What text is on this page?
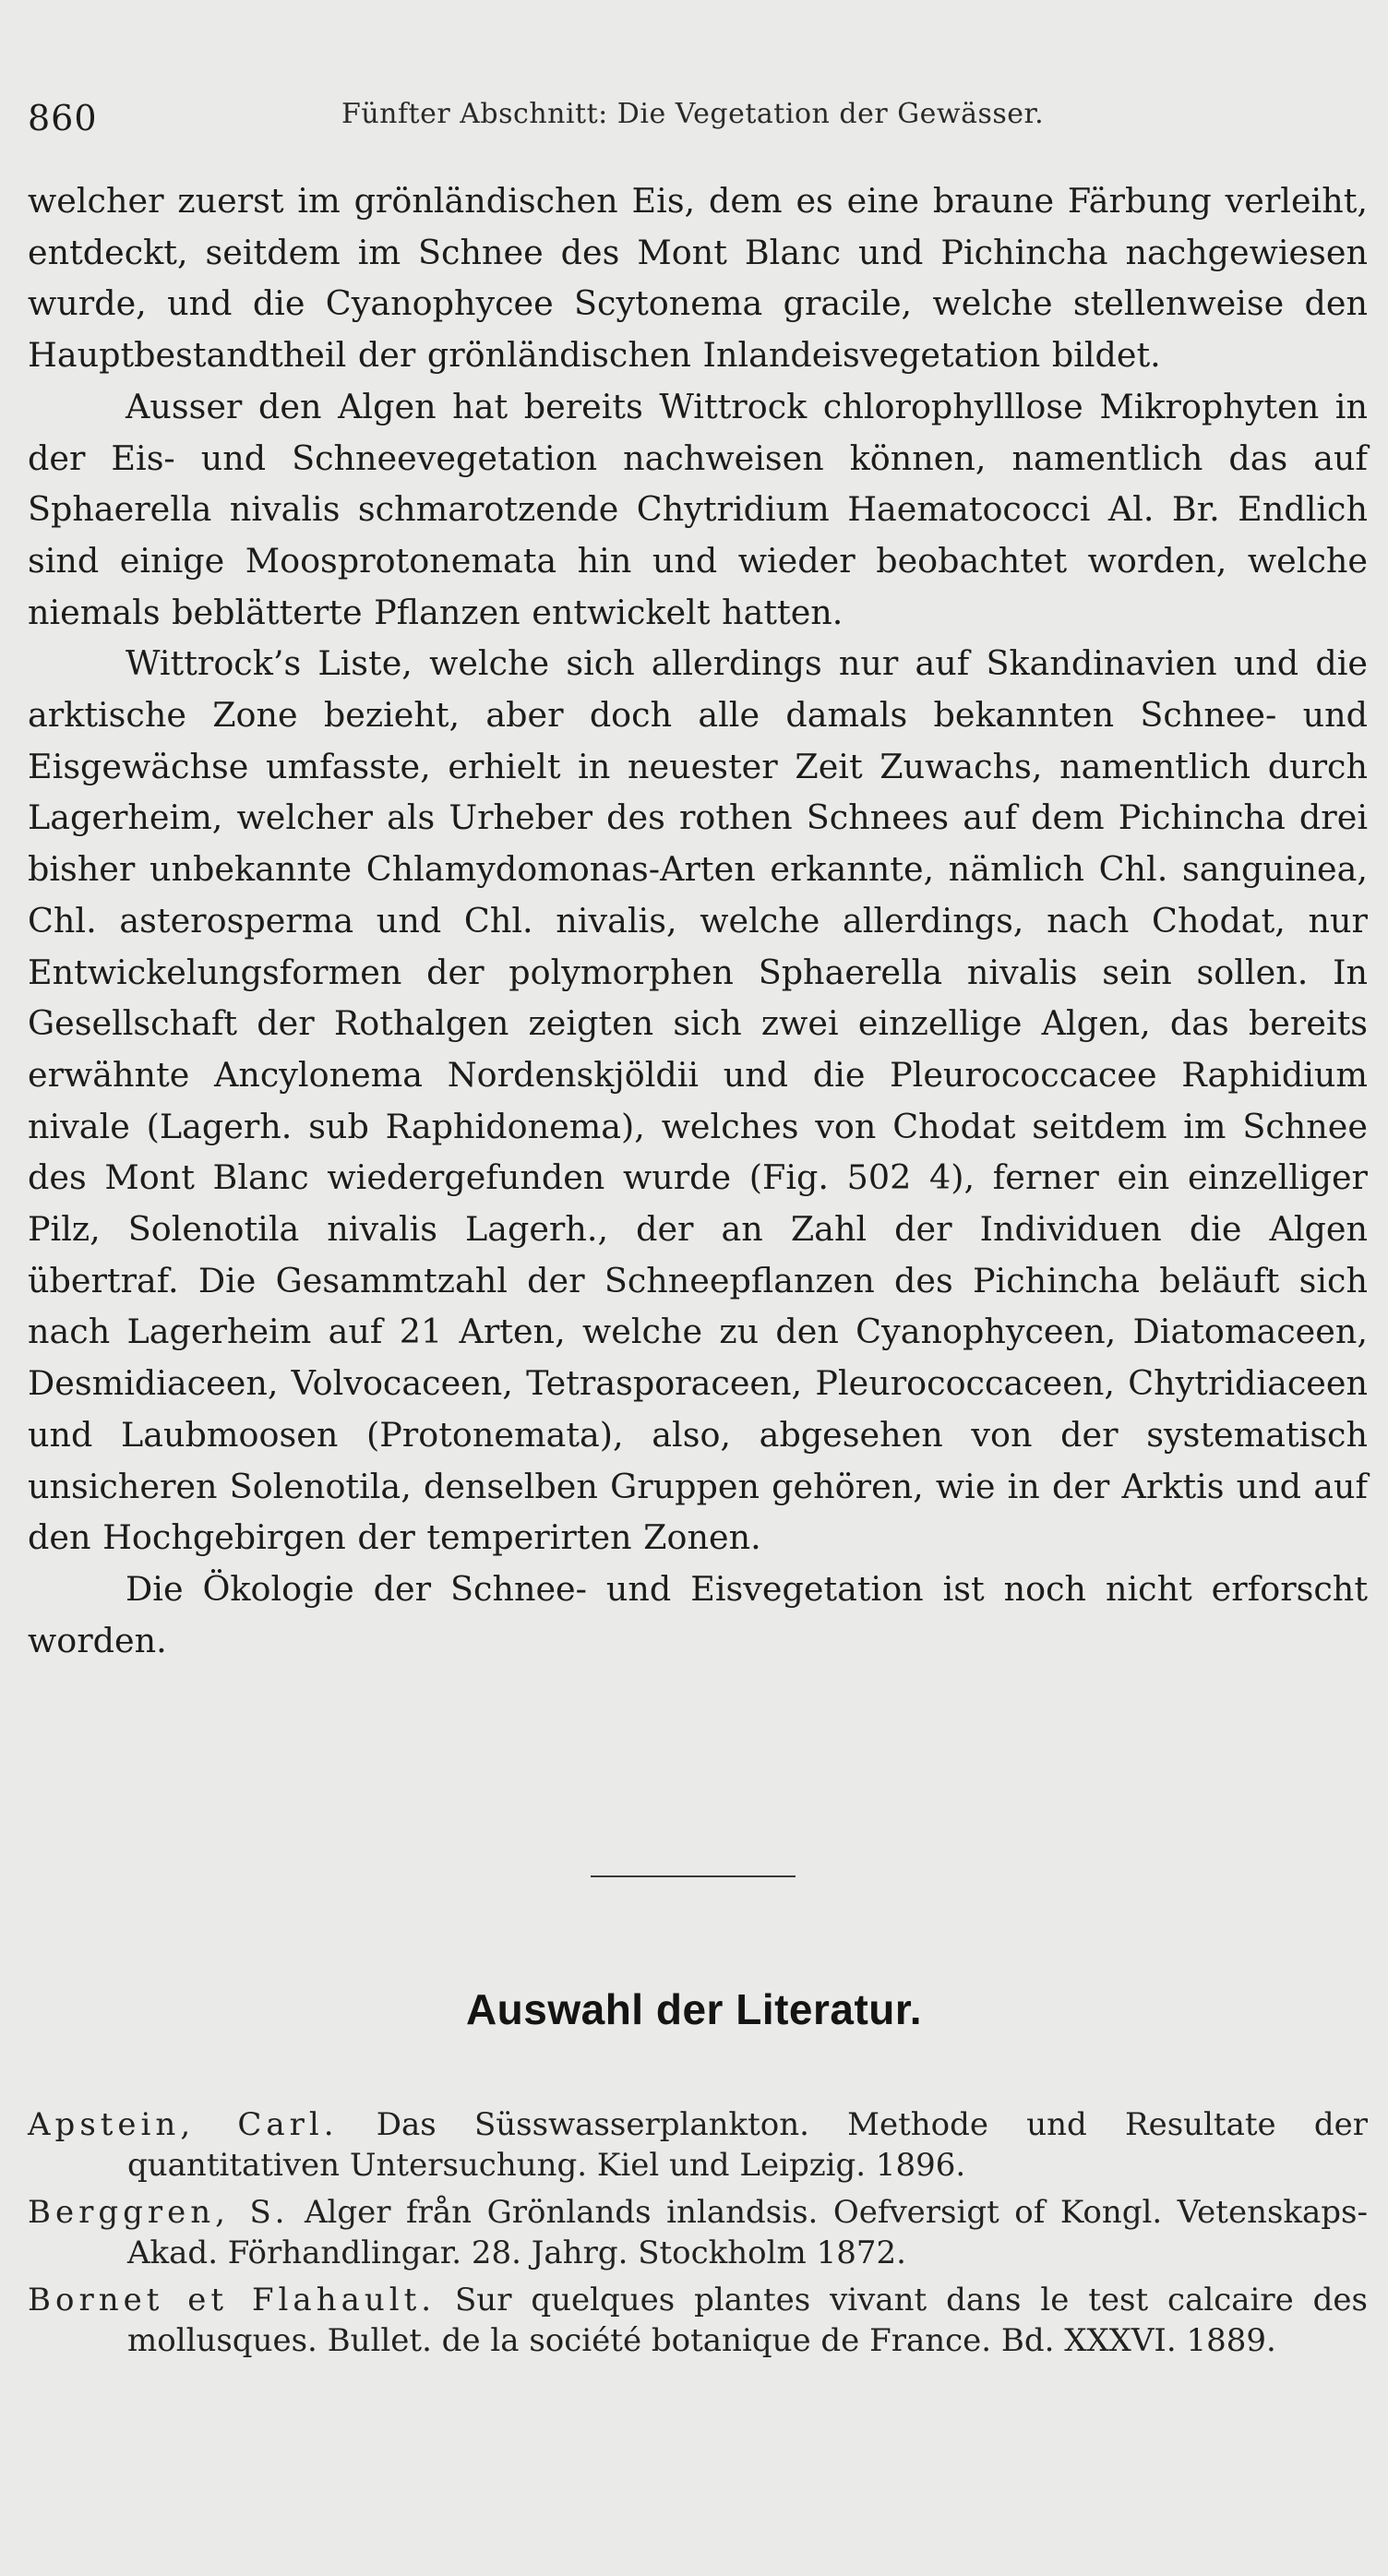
860	Fünfter Abschnitt: Die Vegetation der Gewässer.

welcher zuerst im grönländischen Eis, dem es eine braune Färbung verleiht, entdeckt, seitdem im Schnee des Mont Blanc und Pichincha nachgewiesen wurde, und die Cyanophycee Scytonema gracile, welche stellenweise den Hauptbestandtheil der grönländischen Inlandeisvegetation bildet.

Ausser den Algen hat bereits Wittrock chlorophylllose Mikrophyten in der Eis- und Schneevegetation nachweisen können, namentlich das auf Sphaerella nivalis schmarotzende Chytridium Haematococci Al. Br. Endlich sind einige Moosprotonemata hin und wieder beobachtet worden, welche niemals beblätterte Pflanzen entwickelt hatten.

Wittrock’s Liste, welche sich allerdings nur auf Skandinavien und die arktische Zone bezieht, aber doch alle damals bekannten Schnee- und Eisgewächse umfasste, erhielt in neuester Zeit Zuwachs, namentlich durch Lagerheim, welcher als Urheber des rothen Schnees auf dem Pichincha drei bisher unbekannte Chlamydomonas-Arten erkannte, nämlich Chl. sanguinea, Chl. asterosperma und Chl. nivalis, welche allerdings, nach Chodat, nur Entwickelungsformen der polymorphen Sphaerella nivalis sein sollen. In Gesellschaft der Rothalgen zeigten sich zwei einzellige Algen, das bereits erwähnte Ancylonema Nordenskjöldii und die Pleurococcacee Raphidium nivale (Lagerh. sub Raphidonema), welches von Chodat seitdem im Schnee des Mont Blanc wiedergefunden wurde (Fig. 502 4), ferner ein einzelliger Pilz, Solenotila nivalis Lagerh., der an Zahl der Individuen die Algen übertraf. Die Gesammtzahl der Schneepflanzen des Pichincha beläuft sich nach Lagerheim auf 21 Arten, welche zu den Cyanophyceen, Diatomaceen, Desmidiaceen, Volvocaceen, Tetrasporaceen, Pleurococcaceen, Chytridiaceen und Laubmoosen (Protonemata), also, abgesehen von der systematisch unsicheren Solenotila, denselben Gruppen gehören, wie in der Arktis und auf den Hochgebirgen der temperirten Zonen.

Die Ökologie der Schnee- und Eisvegetation ist noch nicht erforscht worden.

Auswahl der Literatur.

Apstein, Carl. Das Süsswasserplankton. Methode und Resultate der quantitativen Untersuchung. Kiel und Leipzig. 1896.

Berggren, S. Alger från Grönlands inlandsis. Oefversigt of Kongl. Vetenskaps-Akad. Förhandlingar. 28. Jahrg. Stockholm 1872.

Bornet et Flahault. Sur quelques plantes vivant dans le test calcaire des mollusques. Bullet. de la société botanique de France. Bd. XXXVI. 1889.
